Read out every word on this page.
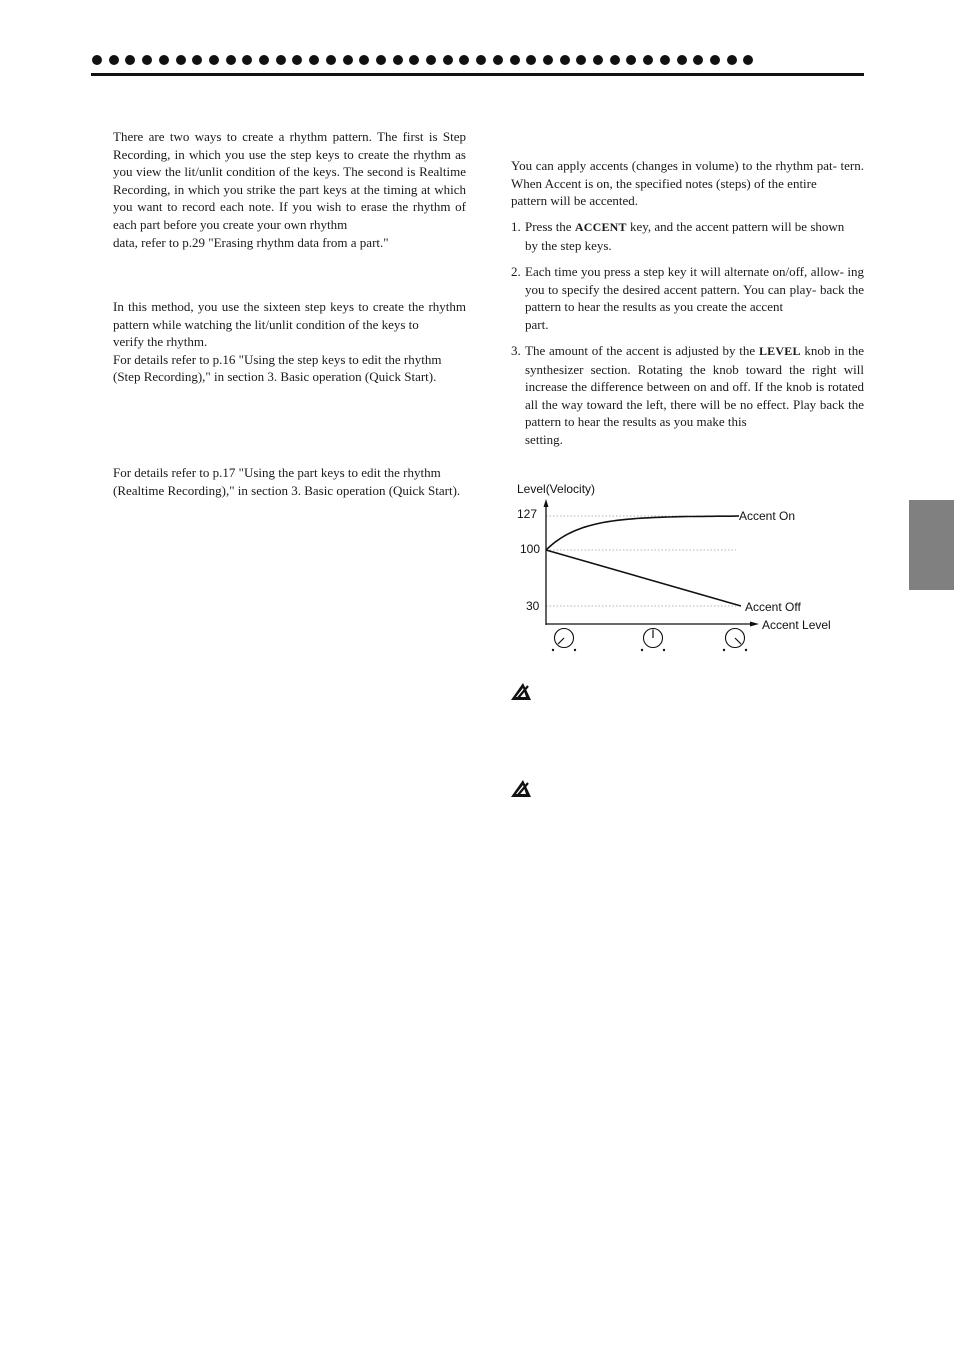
There are two ways to create a rhythm pattern. The first is Step Recording, in which you use the step keys to create the rhythm as you view the lit/unlit condition of the keys. The second is Realtime Recording, in which you strike the part keys at the timing at which you want to record each note. If you wish to erase the rhythm of each part before you create your own rhythm
data, refer to p.29 "Erasing rhythm data from a part."

In this method, you use the sixteen step keys to create the rhythm pattern while watching the lit/unlit condition of the keys to
verify the rhythm.
For details refer to p.16 "Using the step keys to edit the rhythm
(Step Recording)," in section 3. Basic operation (Quick Start).

For details refer to p.17 "Using the part keys to edit the rhythm
(Realtime Recording)," in section 3. Basic operation (Quick Start).

You can apply accents (changes in volume) to the rhythm pat- tern. When Accent is on, the specified notes (steps) of the entire
pattern will be accented.

1. Press the ACCENT key, and the accent pattern will be shown
by the step keys.
2. Each time you press a step key it will alternate on/off, allow- ing you to specify the desired accent pattern. You can play- back the pattern to hear the results as you create the accent
part.
3. The amount of the accent is adjusted by the LEVEL knob in the synthesizer section. Rotating the knob toward the right will increase the difference between on and off. If the knob is rotated all the way toward the left, there will be no effect. Play back the pattern to hear the results as you make this
setting.
Level(Velocity)
Accent Level
127
100
30
Accent On
Accent Off
